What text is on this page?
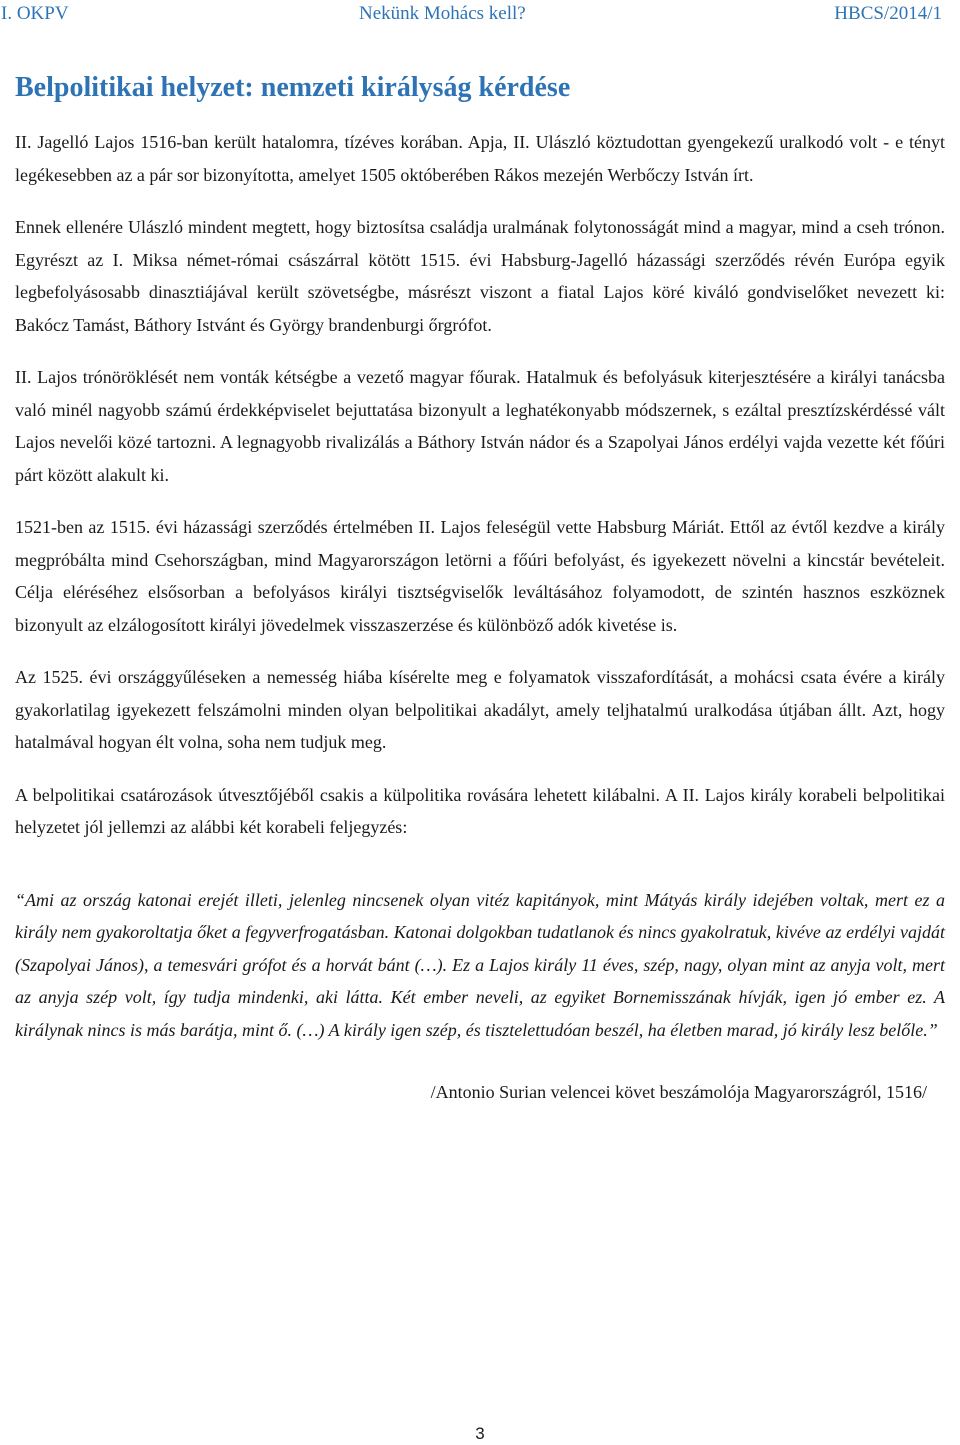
I. OKPV	Nekünk Mohács kell?	HBCS/2014/1
Belpolitikai helyzet: nemzeti királyság kérdése

II. Jagelló Lajos 1516-ban került hatalomra, tízéves korában. Apja, II. Ulászló köztudottan gyengekezű uralkodó volt - e tényt legékesebben az a pár sor bizonyította, amelyet 1505 októberében Rákos mezején Werbőczy István írt.

Ennek ellenére Ulászló mindent megtett, hogy biztosítsa családja uralmának folytonosságát mind a magyar, mind a cseh trónon. Egyrészt az I. Miksa német-római császárral kötött 1515. évi Habsburg-Jagelló házassági szerződés révén Európa egyik legbefolyásosabb dinasztiájával került szövetségbe, másrészt viszont a fiatal Lajos köré kiváló gondviselőket nevezett ki: Bakócz Tamást, Báthory Istvánt és György brandenburgi őrgrófot.

II. Lajos trónöröklését nem vonták kétségbe a vezető magyar főurak. Hatalmuk és befolyásuk kiterjesztésére a királyi tanácsba való minél nagyobb számú érdekképviselet bejuttatása bizonyult a leghatékonyabb módszernek, s ezáltal presztízskérdéssé vált Lajos nevelői közé tartozni. A legnagyobb rivalizálás a Báthory István nádor és a Szapolyai János erdélyi vajda vezette két főúri párt között alakult ki.

1521-ben az 1515. évi házassági szerződés értelmében II. Lajos feleségül vette Habsburg Máriát. Ettől az évtől kezdve a király megpróbálta mind Csehországban, mind Magyarországon letörni a főúri befolyást, és igyekezett növelni a kincstár bevételeit. Célja eléréséhez elsősorban a befolyásos királyi tisztségviselők leváltásához folyamodott, de szintén hasznos eszköznek bizonyult az elzálogosított királyi jövedelmek visszaszerzése és különböző adók kivetése is.

Az 1525. évi országgyűléseken a nemesség hiába kísérelte meg e folyamatok visszafordítását, a mohácsi csata évére a király gyakorlatilag igyekezett felszámolni minden olyan belpolitikai akadályt, amely teljhatalmú uralkodása útjában állt. Azt, hogy hatalmával hogyan élt volna, soha nem tudjuk meg.

A belpolitikai csatározások útvesztőjéből csakis a külpolitika rovására lehetett kilábalni. A II. Lajos király korabeli belpolitikai helyzetet jól jellemzi az alábbi két korabeli feljegyzés:

“Ami az ország katonai erejét illeti, jelenleg nincsenek olyan vitéz kapitányok, mint Mátyás király idejében voltak, mert ez a király nem gyakoroltatja őket a fegyverfrogatásban. Katonai dolgokban tudatlanok és nincs gyakolratuk, kivéve az erdélyi vajdát (Szapolyai János), a temesvári grófot és a horvát bánt (…). Ez a Lajos király 11 éves, szép, nagy, olyan mint az anyja volt, mert az anyja szép volt, így tudja mindenki, aki látta. Két ember neveli, az egyiket Bornemisszának hívják, igen jó ember ez. A királynak nincs is más barátja, mint ő. (…) A király igen szép, és tisztelettudóan beszél, ha életben marad, jó király lesz belőle.”

/Antonio Surian velencei követ beszámolója Magyarországról, 1516/

3
